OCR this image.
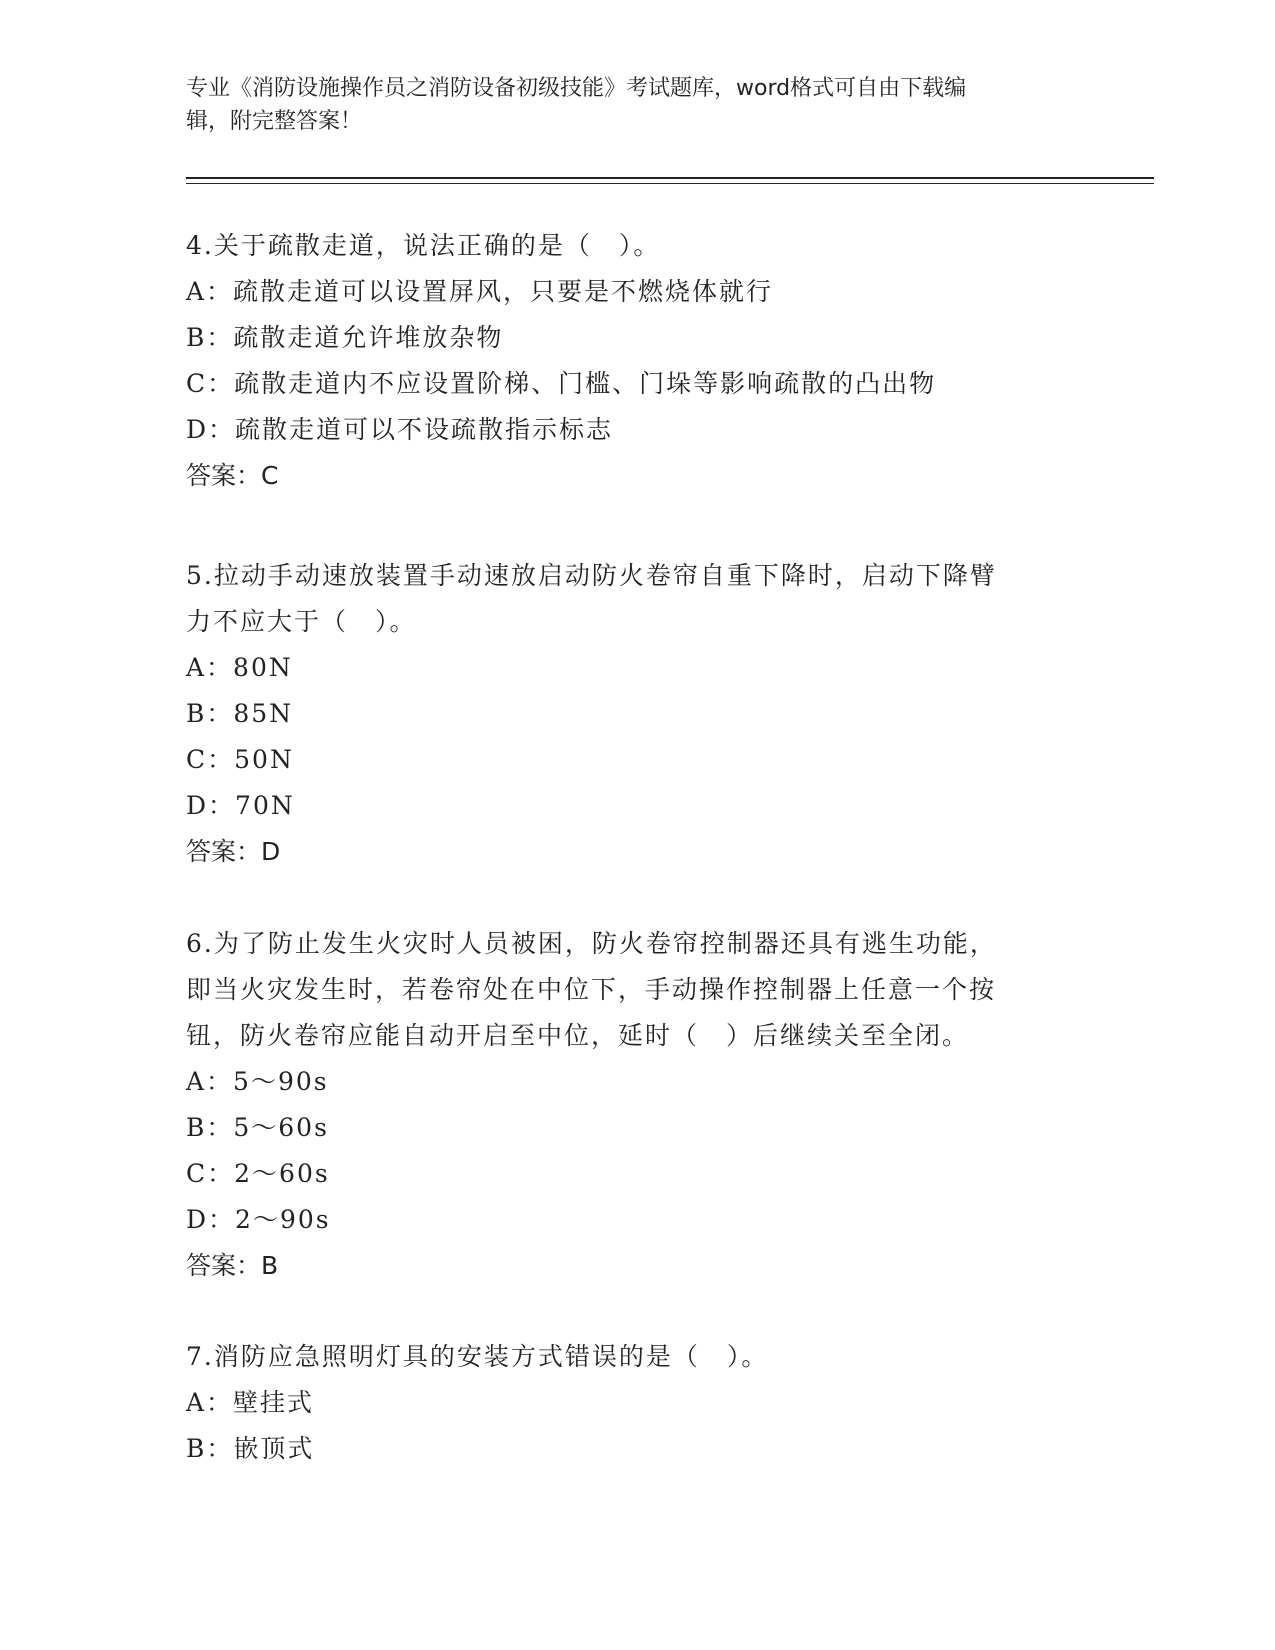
专业《消防设施操作员之消防设备初级技能》考试题库，word格式可自由下载编
辑，附完整答案！
4.关于疏散走道，说法正确的是（　）。
A：疏散走道可以设置屏风，只要是不燃烧体就行
B：疏散走道允许堆放杂物
C：疏散走道内不应设置阶梯、门槛、门垛等影响疏散的凸出物
D：疏散走道可以不设疏散指示标志
答案：C
5.拉动手动速放装置手动速放启动防火卷帘自重下降时，启动下降臂
力不应大于（　）。
A：80N
B：85N
C：50N
D：70N
答案：D
6.为了防止发生火灾时人员被困，防火卷帘控制器还具有逃生功能，
即当火灾发生时，若卷帘处在中位下，手动操作控制器上任意一个按
钮，防火卷帘应能自动开启至中位，延时（　）后继续关至全闭。
A：5～90s
B：5～60s
C：2～60s
D：2～90s
答案：B
7.消防应急照明灯具的安装方式错误的是（　）。
A：壁挂式
B：嵌顶式
